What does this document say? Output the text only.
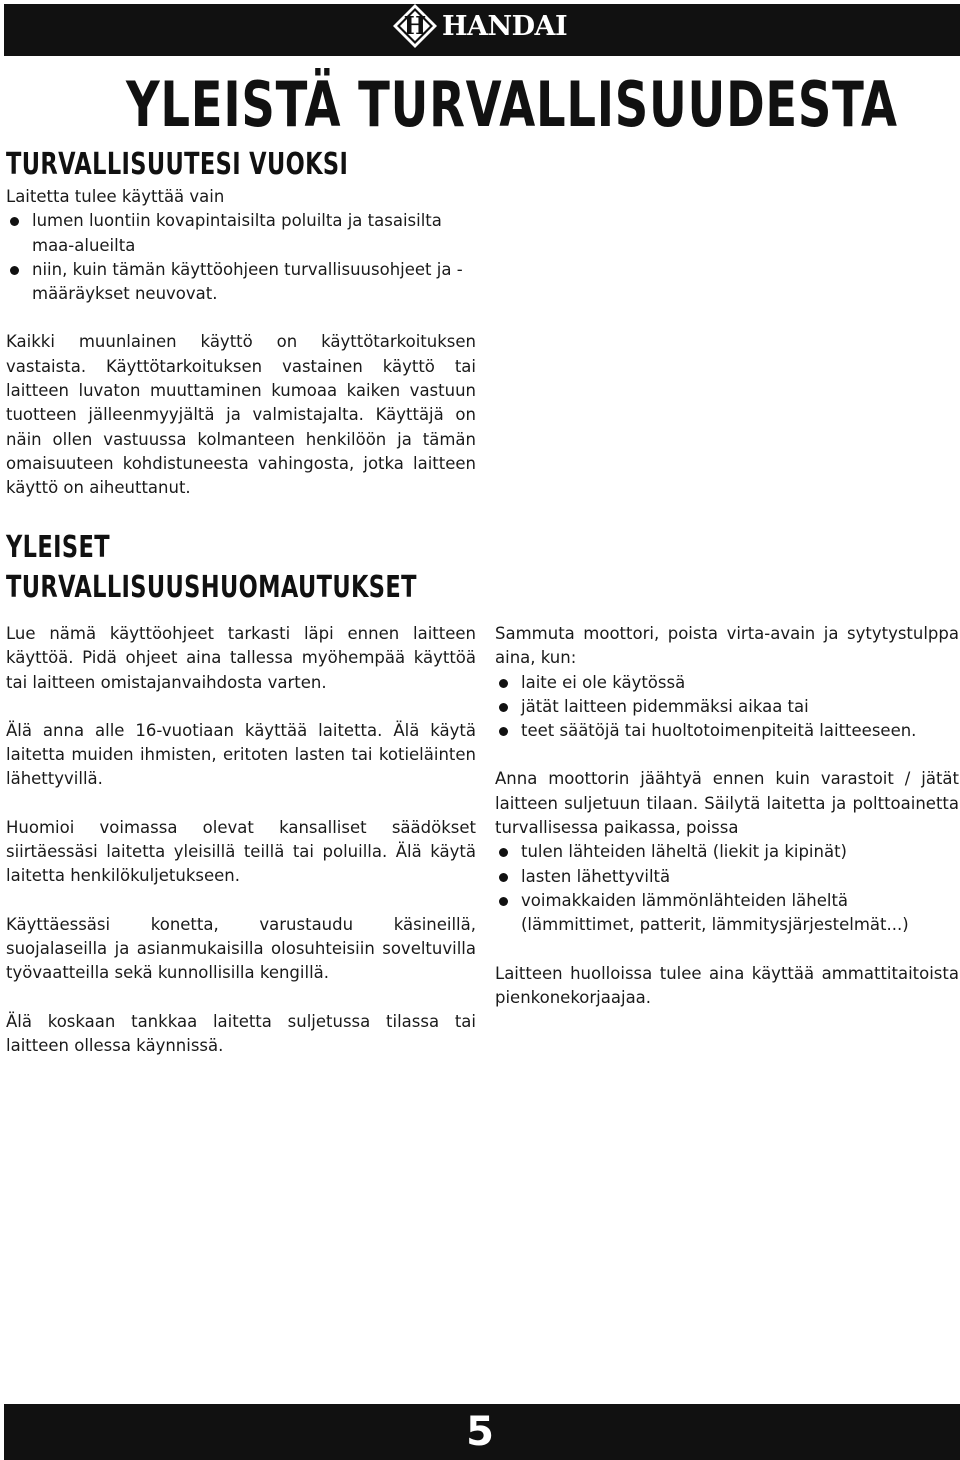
H HANDAI
YLEISTÄ TURVALLISUUDESTA
TURVALLISUUTESI VUOKSI

Laitetta tulee käyttää vain

lumen luontiin kovapintaisilta poluilta ja tasaisilta maa-alueilta
niin, kuin tämän käyttöohjeen turvallisuusohjeet ja -määräykset neuvovat.

Kaikki muunlainen käyttö on käyttötarkoituksen vastaista. Käyttötarkoituksen vastainen käyttö tai laitteen luvaton muuttaminen kumoaa kaiken vastuun tuotteen jälleenmyyjältä ja valmistajalta. Käyttäjä on näin ollen vastuussa kolmanteen henkilöön ja tämän omaisuuteen kohdistuneesta vahingosta, jotka laitteen käyttö on aiheuttanut.

YLEISET
TURVALLISUUSHUOMAUTUKSET

Lue nämä käyttöohjeet tarkasti läpi ennen laitteen käyttöä. Pidä ohjeet aina tallessa myöhempää käyttöä tai laitteen omistajanvaihdosta varten.

Älä anna alle 16-vuotiaan käyttää laitetta. Älä käytä laitetta muiden ihmisten, eritoten lasten tai kotieläinten lähettyvillä.

Huomioi voimassa olevat kansalliset säädökset siirtäessäsi laitetta yleisillä teillä tai poluilla. Älä käytä laitetta henkilökuljetukseen.

Käyttäessäsi konetta, varustaudu käsineillä, suojalaseilla ja asianmukaisilla olosuhteisiin soveltuvilla työvaatteilla sekä kunnollisilla kengillä.

Älä koskaan tankkaa laitetta suljetussa tilassa tai laitteen ollessa käynnissä.

Sammuta moottori, poista virta-avain ja sytytystulppa aina, kun:

laite ei ole käytössä
jätät laitteen pidemmäksi aikaa tai
teet säätöjä tai huoltotoimenpiteitä laitteeseen.

Anna moottorin jäähtyä ennen kuin varastoit / jätät laitteen suljetuun tilaan. Säilytä laitetta ja polttoainetta turvallisessa paikassa, poissa

tulen lähteiden läheltä (liekit ja kipinät)
lasten lähettyviltä
voimakkaiden lämmönlähteiden läheltä (lämmittimet, patterit, lämmitysjärjestelmät...)

Laitteen huolloissa tulee aina käyttää ammattitaitoista pienkonekorjaajaa.

5
